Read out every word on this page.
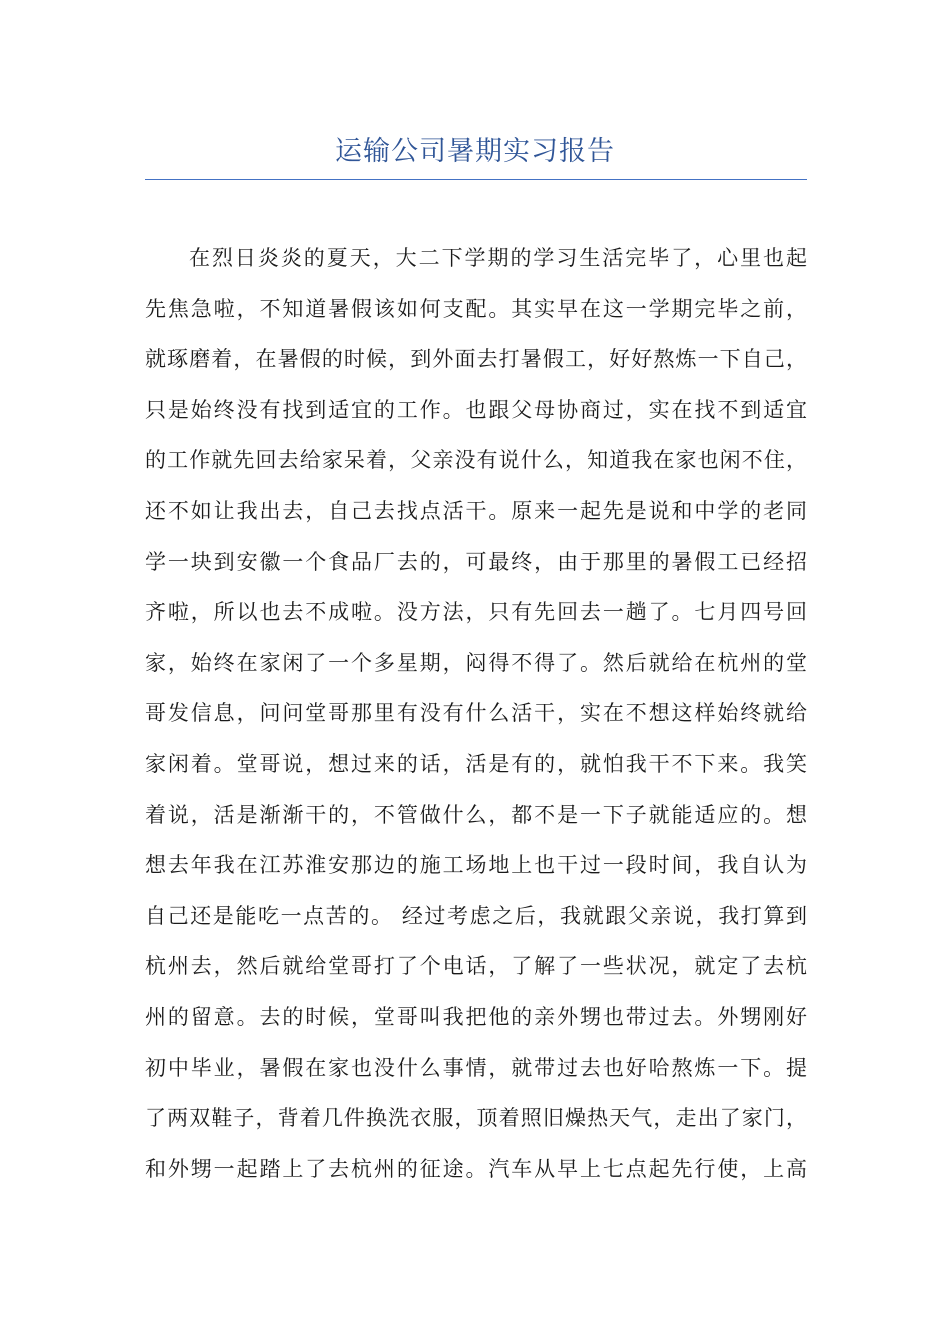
运输公司暑期实习报告
在烈日炎炎的夏天，大二下学期的学习生活完毕了，心里也起
先焦急啦，不知道暑假该如何支配。其实早在这一学期完毕之前，
就琢磨着，在暑假的时候，到外面去打暑假工，好好熬炼一下自己，
只是始终没有找到适宜的工作。也跟父母协商过，实在找不到适宜
的工作就先回去给家呆着，父亲没有说什么，知道我在家也闲不住，
还不如让我出去，自己去找点活干。原来一起先是说和中学的老同
学一块到安徽一个食品厂去的，可最终，由于那里的暑假工已经招
齐啦，所以也去不成啦。没方法，只有先回去一趟了。七月四号回
家，始终在家闲了一个多星期，闷得不得了。然后就给在杭州的堂
哥发信息，问问堂哥那里有没有什么活干，实在不想这样始终就给
家闲着。堂哥说，想过来的话，活是有的，就怕我干不下来。我笑
着说，活是渐渐干的，不管做什么，都不是一下子就能适应的。想
想去年我在江苏淮安那边的施工场地上也干过一段时间，我自认为
自己还是能吃一点苦的。 经过考虑之后，我就跟父亲说，我打算到
杭州去，然后就给堂哥打了个电话，了解了一些状况，就定了去杭
州的留意。去的时候，堂哥叫我把他的亲外甥也带过去。外甥刚好
初中毕业，暑假在家也没什么事情，就带过去也好哈熬炼一下。提
了两双鞋子，背着几件换洗衣服，顶着照旧燥热天气，走出了家门，
和外甥一起踏上了去杭州的征途。汽车从早上七点起先行使，上高
